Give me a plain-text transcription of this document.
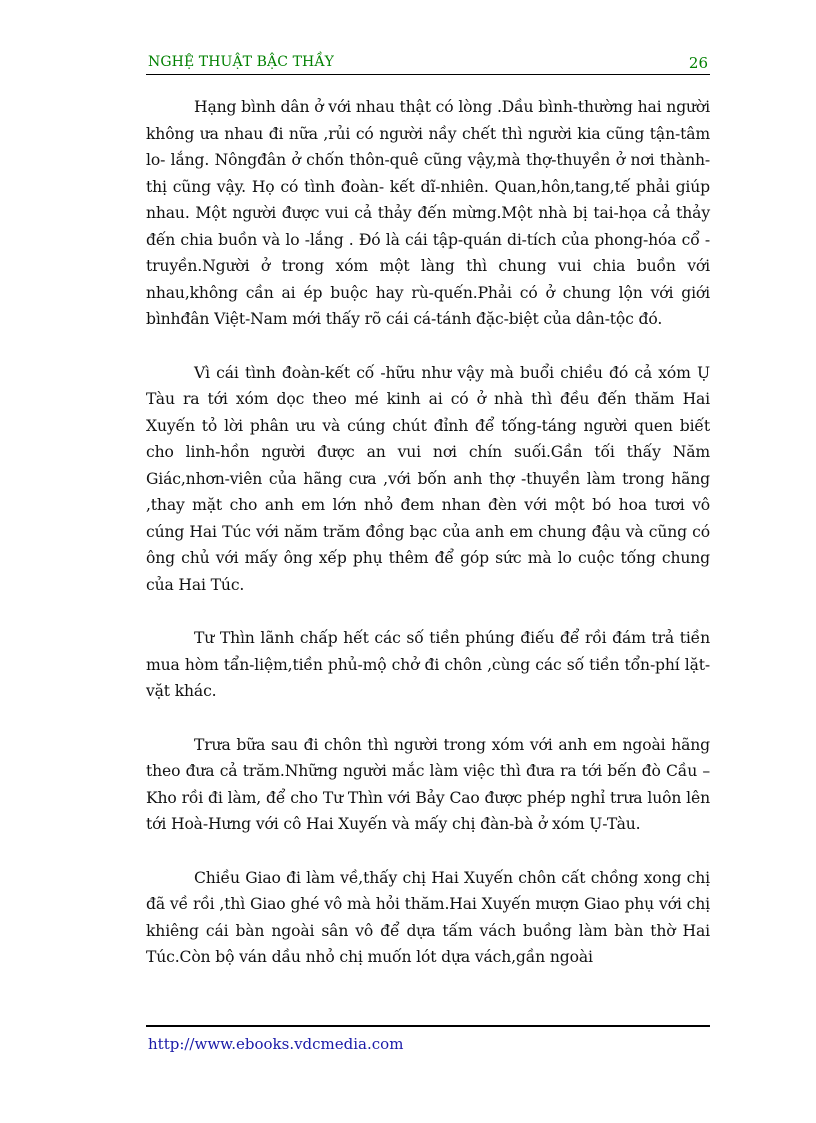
NGHỆ THUẬT BẬC THẦY	26

Hạng bình dân ở với nhau thật có lòng .Dầu bình-thường hai người không ưa nhau đi nữa ,rủi có người nầy chết thì người kia cũng tận-tâm lo- lắng. Nôngđân ở chốn thôn-quê cũng vậy,mà thợ-thuyền ở nơi thành-thị cũng vậy. Họ có tình đoàn- kết dĩ-nhiên. Quan,hôn,tang,tế phải giúp nhau. Một người được vui cả thảy đến mừng.Một nhà bị tai-họa cả thảy đến chia buồn và lo -lắng . Đó là cái tập-quán di-tích của phong-hóa cổ -truyền.Người ở trong xóm một làng thì chung vui chia buồn với nhau,không cần ai ép buộc hay rù-quến.Phải có ở chung lộn với giới bìnhđân Việt-Nam mới thấy rõ cái cá-tánh đặc-biệt của dân-tộc đó.

Vì cái tình đoàn-kết cố -hữu như vậy mà buổi chiều đó cả xóm Ụ Tàu ra tới xóm dọc theo mé kinh ai có ở nhà thì đều đến thăm Hai Xuyến tỏ lời phân ưu và cúng chút đỉnh để tống-táng người quen biết cho linh-hồn người được an vui nơi chín suối.Gần tối thấy Năm Giác,nhơn-viên của hãng cưa ,với bốn anh thợ -thuyền làm trong hãng ,thay mặt cho anh em lớn nhỏ đem nhan đèn với một bó hoa tươi vô cúng Hai Túc với năm trăm đồng bạc của anh em chung đậu và cũng có ông chủ với mấy ông xếp phụ thêm để góp sức mà lo cuộc tống chung của Hai Túc.

Tư Thìn lãnh chấp hết các số tiền phúng điếu để rồi đám trả tiền mua hòm tẩn-liệm,tiền phủ-mộ chở đi chôn ,cùng các số tiền tổn-phí lặt-vặt khác.

Trưa bữa sau đi chôn thì người trong xóm với anh em ngoài hãng theo đưa cả trăm.Những người mắc làm việc thì đưa ra tới bến đò Cầu –Kho rồi đi làm, để cho Tư Thìn với Bảy Cao được phép nghỉ trưa luôn lên tới Hoà-Hưng với cô Hai Xuyến và mấy chị đàn-bà ở xóm Ụ-Tàu.

Chiều Giao đi làm về,thấy chị Hai Xuyến chôn cất chồng xong chị đã về rồi ,thì Giao ghé vô mà hỏi thăm.Hai Xuyến mượn Giao phụ với chị khiêng cái bàn ngoài sân vô để dựa tấm vách buồng làm bàn thờ Hai Túc.Còn bộ ván dầu nhỏ chị muốn lót dựa vách,gần ngoài

http://www.ebooks.vdcmedia.com
